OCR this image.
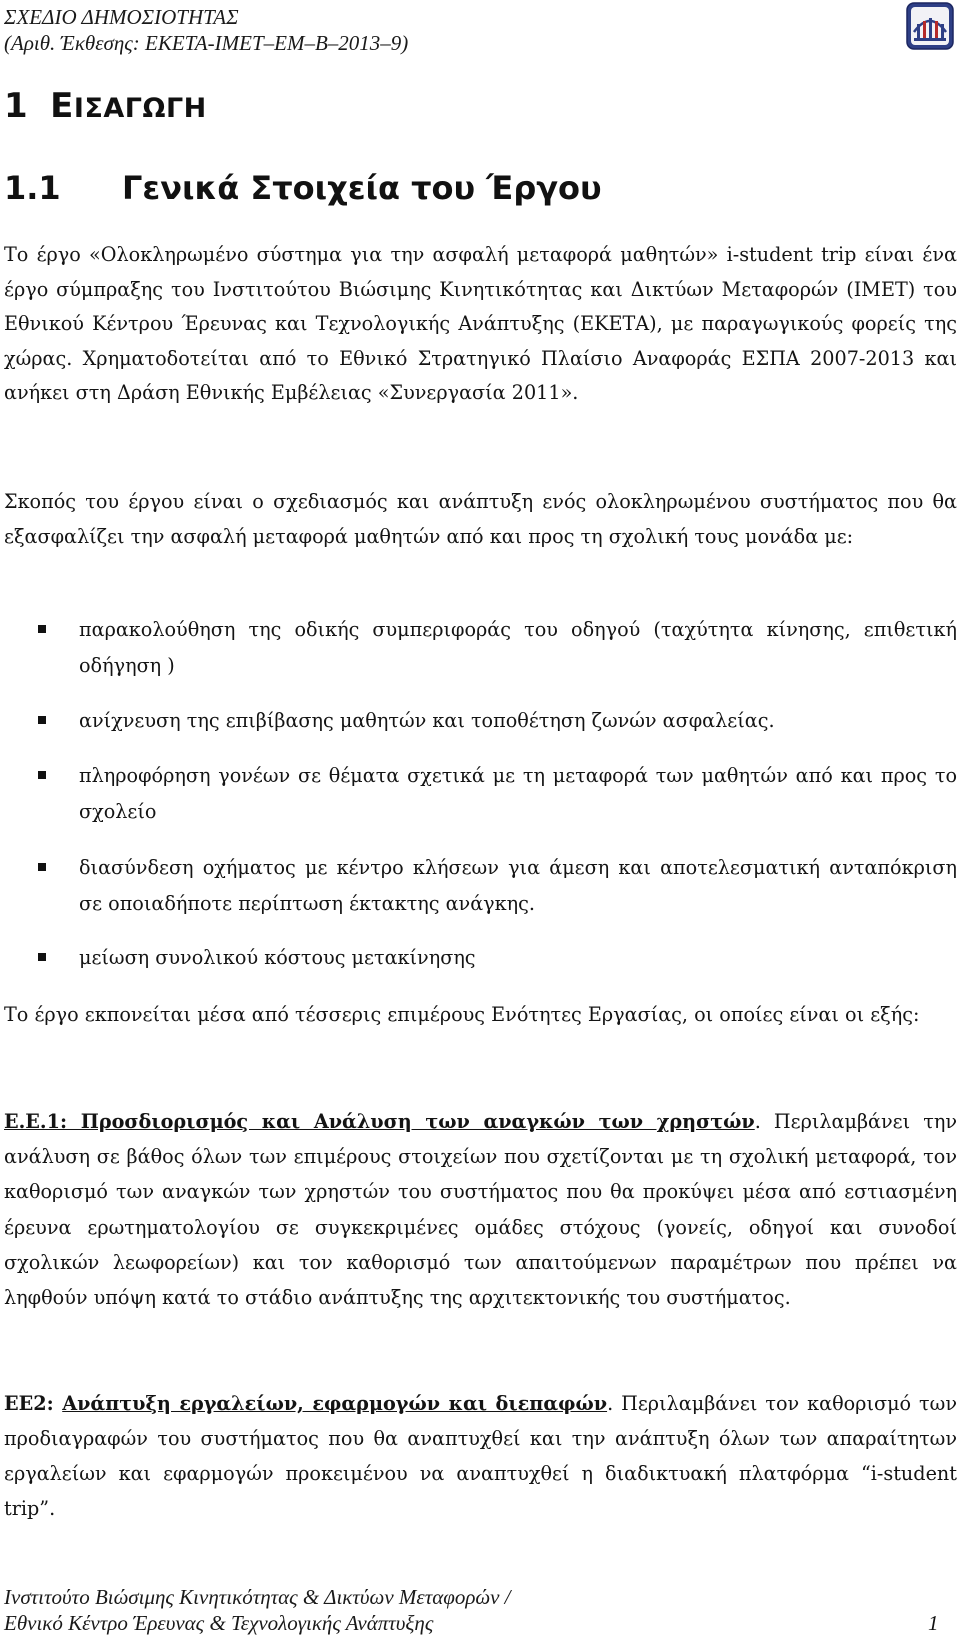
ΣΧΕΔΙΟ ΔΗΜΟΣΙΟΤΗΤΑΣ
(Αριθ. Έκθεσης: ΕΚΕΤΑ-ΙΜΕΤ–ΕΜ–Β–2013–9)
1 ΕΙΣΑΓΩΓΗ
1.1 Γενικά Στοιχεία του Έργου

Το έργο «Ολοκληρωμένο σύστημα για την ασφαλή μεταφορά μαθητών» i-student trip είναι ένα έργο σύμπραξης του Ινστιτούτου Βιώσιμης Κινητικότητας και Δικτύων Μεταφορών (ΙΜΕΤ) του Εθνικού Κέντρου Έρευνας και Τεχνολογικής Ανάπτυξης (ΕΚΕΤΑ), με παραγωγικούς φορείς της χώρας. Χρηματοδοτείται από το Εθνικό Στρατηγικό Πλαίσιο Αναφοράς ΕΣΠΑ 2007-2013 και ανήκει στη Δράση Εθνικής Εμβέλειας «Συνεργασία 2011».

Σκοπός του έργου είναι ο σχεδιασμός και ανάπτυξη ενός ολοκληρωμένου συστήματος που θα εξασφαλίζει την ασφαλή μεταφορά μαθητών από και προς τη σχολική τους μονάδα με:

παρακολούθηση της οδικής συμπεριφοράς του οδηγού (ταχύτητα κίνησης, επιθετική οδήγηση )
ανίχνευση της επιβίβασης μαθητών και τοποθέτηση ζωνών ασφαλείας.
πληροφόρηση γονέων σε θέματα σχετικά με τη μεταφορά των μαθητών από και προς το σχολείο
διασύνδεση οχήματος με κέντρο κλήσεων για άμεση και αποτελεσματική ανταπόκριση σε οποιαδήποτε περίπτωση έκτακτης ανάγκης.
μείωση συνολικού κόστους μετακίνησης

Το έργο εκπονείται μέσα από τέσσερις επιμέρους Ενότητες Εργασίας, οι οποίες είναι οι εξής:

Ε.Ε.1: Προσδιορισμός και Ανάλυση των αναγκών των χρηστών. Περιλαμβάνει την ανάλυση σε βάθος όλων των επιμέρους στοιχείων που σχετίζονται με τη σχολική μεταφορά, τον καθορισμό των αναγκών των χρηστών του συστήματος που θα προκύψει μέσα από εστιασμένη έρευνα ερωτηματολογίου σε συγκεκριμένες ομάδες στόχους (γονείς, οδηγοί και συνοδοί σχολικών λεωφορείων) και τον καθορισμό των απαιτούμενων παραμέτρων που πρέπει να ληφθούν υπόψη κατά το στάδιο ανάπτυξης της αρχιτεκτονικής του συστήματος.

ΕΕ2: Ανάπτυξη εργαλείων, εφαρμογών και διεπαφών. Περιλαμβάνει τον καθορισμό των προδιαγραφών του συστήματος που θα αναπτυχθεί και την ανάπτυξη όλων των απαραίτητων εργαλείων και εφαρμογών προκειμένου να αναπτυχθεί η διαδικτυακή πλατφόρμα “i-student trip”.

Ινστιτούτο Βιώσιμης Κινητικότητας & Δικτύων Μεταφορών /
Εθνικό Κέντρο Έρευνας & Τεχνολογικής Ανάπτυξης	1
